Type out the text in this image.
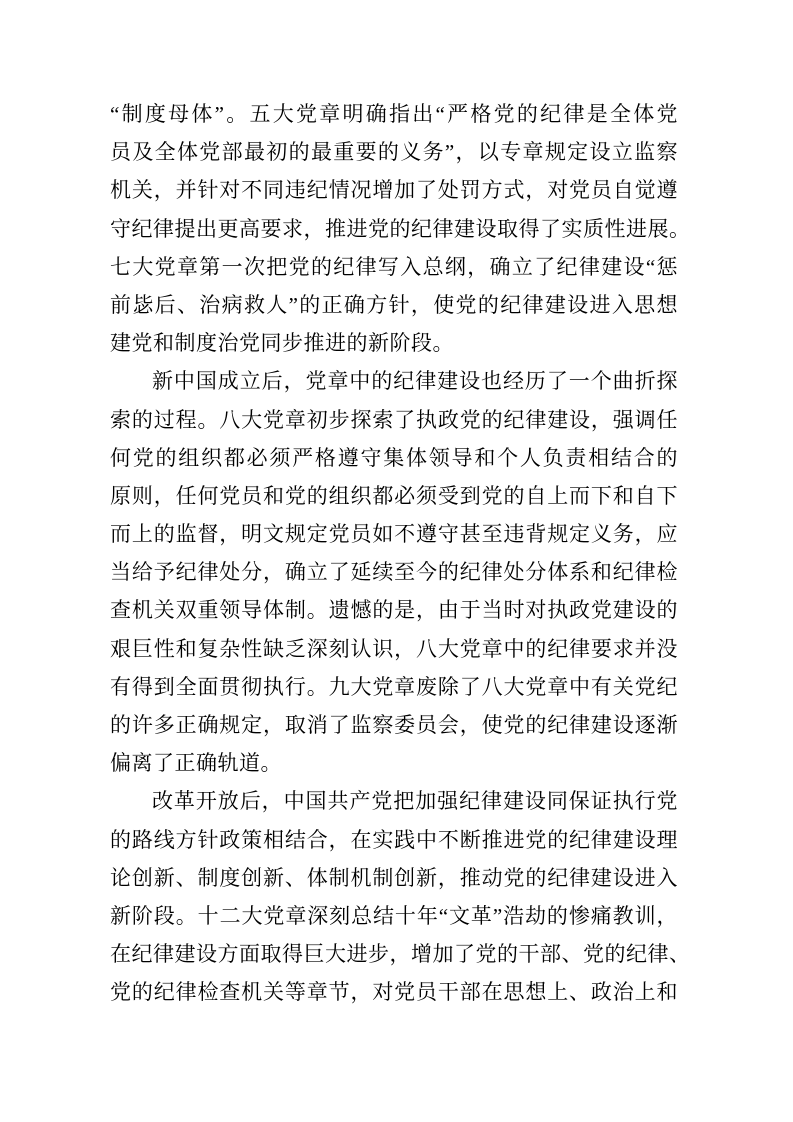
“制度母体”。五大党章明确指出“严格党的纪律是全体党
员及全体党部最初的最重要的义务”，以专章规定设立监察
机关，并针对不同违纪情况增加了处罚方式，对党员自觉遵
守纪律提出更高要求，推进党的纪律建设取得了实质性进展。
七大党章第一次把党的纪律写入总纲，确立了纪律建设“惩
前毖后、治病救人”的正确方针，使党的纪律建设进入思想
建党和制度治党同步推进的新阶段。
新中国成立后，党章中的纪律建设也经历了一个曲折探
索的过程。八大党章初步探索了执政党的纪律建设，强调任
何党的组织都必须严格遵守集体领导和个人负责相结合的
原则，任何党员和党的组织都必须受到党的自上而下和自下
而上的监督，明文规定党员如不遵守甚至违背规定义务，应
当给予纪律处分，确立了延续至今的纪律处分体系和纪律检
查机关双重领导体制。遗憾的是，由于当时对执政党建设的
艰巨性和复杂性缺乏深刻认识，八大党章中的纪律要求并没
有得到全面贯彻执行。九大党章废除了八大党章中有关党纪
的许多正确规定，取消了监察委员会，使党的纪律建设逐渐
偏离了正确轨道。
改革开放后，中国共产党把加强纪律建设同保证执行党
的路线方针政策相结合，在实践中不断推进党的纪律建设理
论创新、制度创新、体制机制创新，推动党的纪律建设进入
新阶段。十二大党章深刻总结十年“文革”浩劫的惨痛教训，
在纪律建设方面取得巨大进步，增加了党的干部、党的纪律、
党的纪律检查机关等章节，对党员干部在思想上、政治上和
